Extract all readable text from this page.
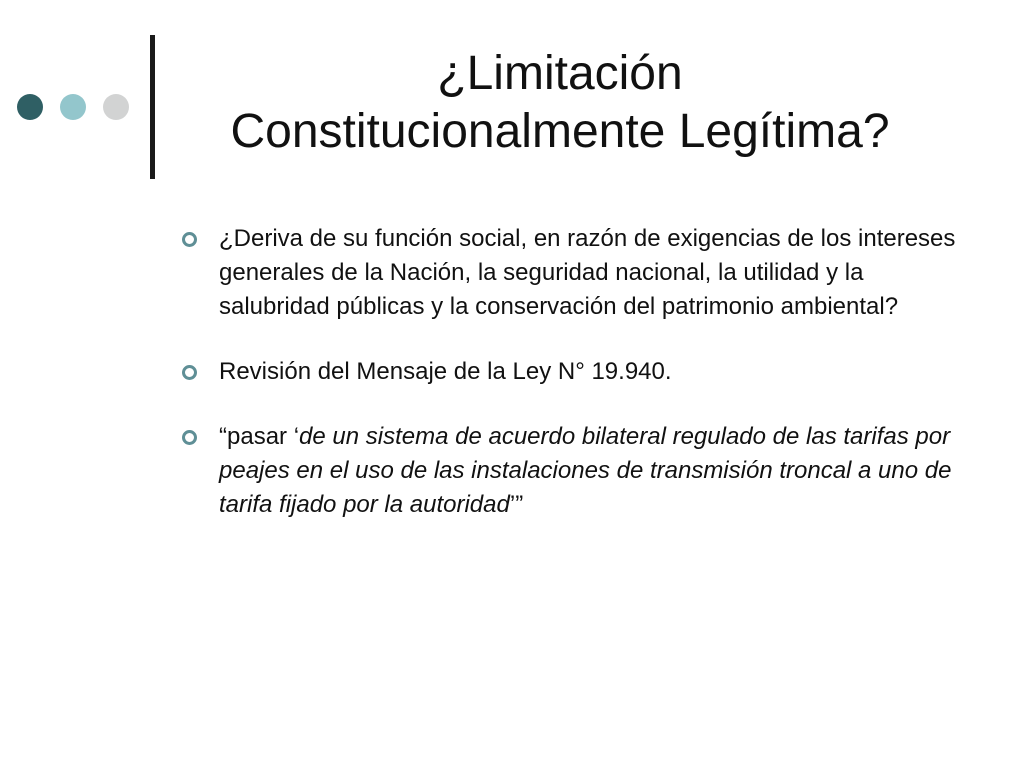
¿Limitación
Constitucionalmente Legítima?
¿Deriva de su función social, en razón de exigencias de los intereses generales de la Nación, la seguridad nacional, la utilidad y la salubridad públicas y la conservación del patrimonio ambiental?
Revisión del Mensaje de la Ley N° 19.940.
“pasar ‘de un sistema de acuerdo bilateral regulado de las tarifas por peajes en el uso de las instalaciones de transmisión troncal a uno de tarifa fijado por la autoridad’”
